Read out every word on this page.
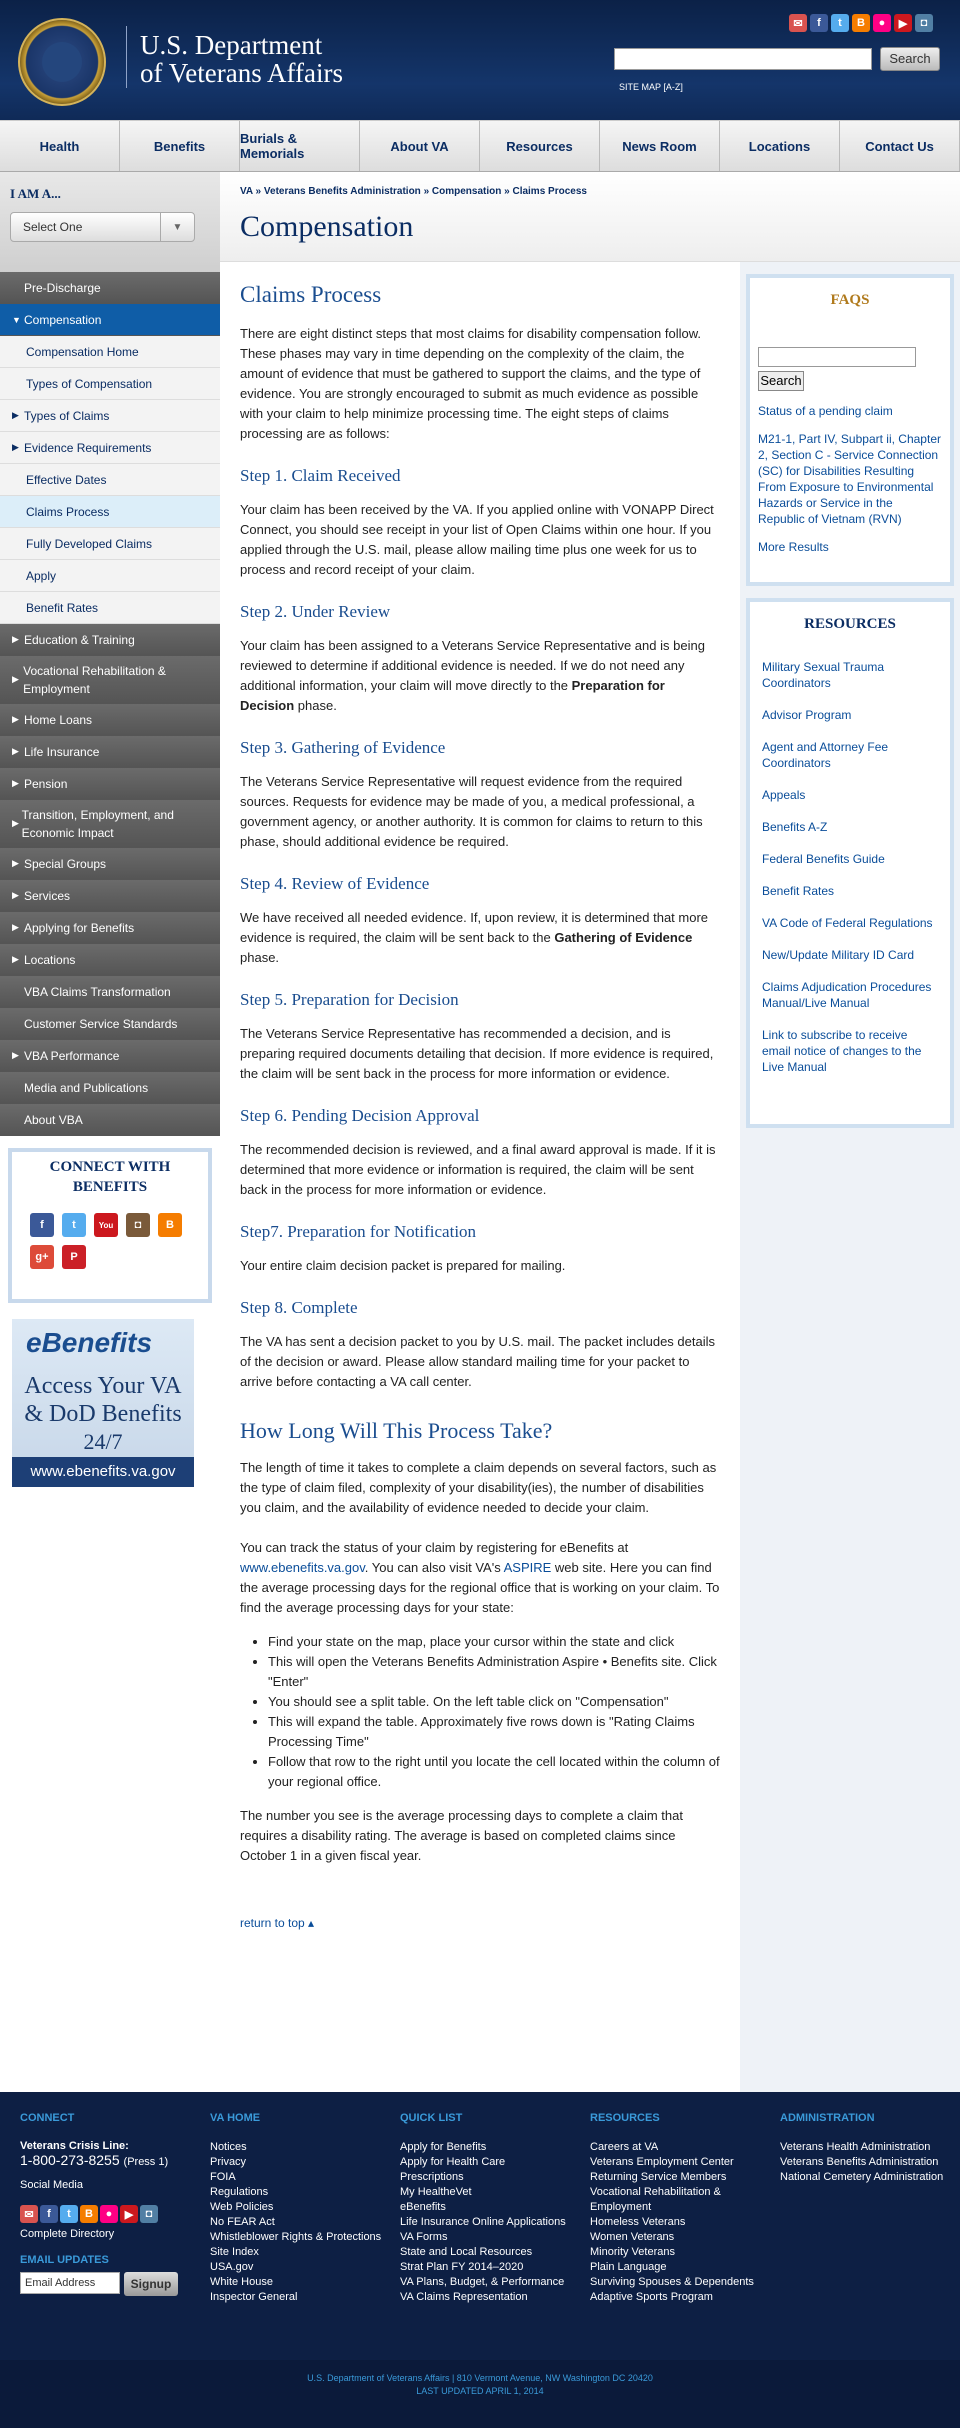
U.S. Department
of Veterans Affairs
✉	f	t	B	●	▶	◘
Search
SITE MAP [A-Z]
Health	Benefits	Burials & Memorials	About VA	Resources	News Room	Locations	Contact Us
I AM A...
Select One	▼
Pre-Discharge
▼ Compensation
Compensation Home
Types of Compensation
▶ Types of Claims
▶ Evidence Requirements
Effective Dates
Claims Process
Fully Developed Claims
Apply
Benefit Rates
▶ Education & Training
▶
Vocational Rehabilitation & Employment
▶ Home Loans
▶ Life Insurance
▶ Pension
▶
Transition, Employment, and Economic Impact
▶ Special Groups
▶ Services
▶ Applying for Benefits
▶ Locations
VBA Claims Transformation
Customer Service Standards
▶ VBA Performance
Media and Publications
About VBA
CONNECT WITH BENEFITS
f	t	You	◘	B
g+	P
eBenefits
Access Your VA
& DoD Benefits
24/7
www.ebenefits.va.gov
VA » Veterans Benefits Administration » Compensation » Claims Process
Compensation
Claims Process

There are eight distinct steps that most claims for disability compensation follow. These phases may vary in time depending on the complexity of the claim, the amount of evidence that must be gathered to support the claims, and the type of evidence. You are strongly encouraged to submit as much evidence as possible with your claim to help minimize processing time. The eight steps of claims processing are as follows:

Step 1. Claim Received

Your claim has been received by the VA. If you applied online with VONAPP Direct Connect, you should see receipt in your list of Open Claims within one hour. If you applied through the U.S. mail, please allow mailing time plus one week for us to process and record receipt of your claim.

Step 2. Under Review

Your claim has been assigned to a Veterans Service Representative and is being reviewed to determine if additional evidence is needed. If we do not need any additional information, your claim will move directly to the Preparation for Decision phase.

Step 3. Gathering of Evidence

The Veterans Service Representative will request evidence from the required sources. Requests for evidence may be made of you, a medical professional, a government agency, or another authority. It is common for claims to return to this phase, should additional evidence be required.

Step 4. Review of Evidence

We have received all needed evidence. If, upon review, it is determined that more evidence is required, the claim will be sent back to the Gathering of Evidence phase.

Step 5. Preparation for Decision

The Veterans Service Representative has recommended a decision, and is preparing required documents detailing that decision. If more evidence is required, the claim will be sent back in the process for more information or evidence.

Step 6. Pending Decision Approval

The recommended decision is reviewed, and a final award approval is made. If it is determined that more evidence or information is required, the claim will be sent back in the process for more information or evidence.

Step7. Preparation for Notification

Your entire claim decision packet is prepared for mailing.

Step 8. Complete

The VA has sent a decision packet to you by U.S. mail. The packet includes details of the decision or award. Please allow standard mailing time for your packet to arrive before contacting a VA call center.

How Long Will This Process Take?

The length of time it takes to complete a claim depends on several factors, such as the type of claim filed, complexity of your disability(ies), the number of disabilities you claim, and the availability of evidence needed to decide your claim.

You can track the status of your claim by registering for eBenefits at www.ebenefits.va.gov. You can also visit VA's ASPIRE web site. Here you can find the average processing days for the regional office that is working on your claim. To find the average processing days for your state:

• Find your state on the map, place your cursor within the state and click
• This will open the Veterans Benefits Administration Aspire • Benefits site. Click "Enter"
• You should see a split table. On the left table click on "Compensation"
• This will expand the table. Approximately five rows down is "Rating Claims Processing Time"
• Follow that row to the right until you locate the cell located within the column of your regional office.

The number you see is the average processing days to complete a claim that requires a disability rating. The average is based on completed claims since October 1 in a given fiscal year.

return to top ▴
FAQS
Search
Status of a pending claim
M21-1, Part IV, Subpart ii, Chapter 2, Section C - Service Connection (SC) for Disabilities Resulting From Exposure to Environmental Hazards or Service in the Republic of Vietnam (RVN)
More Results
RESOURCES
Military Sexual Trauma Coordinators
Advisor Program
Agent and Attorney Fee Coordinators
Appeals
Benefits A-Z
Federal Benefits Guide
Benefit Rates
VA Code of Federal Regulations
New/Update Military ID Card
Claims Adjudication Procedures Manual/Live Manual
Link to subscribe to receive email notice of changes to the Live Manual
CONNECT
Veterans Crisis Line:
1-800-273-8255 (Press 1)
Social Media
✉	f	t	B	●	▶	◘
Complete Directory
EMAIL UPDATES
Email Address	Signup
VA HOME
Notices
Privacy
FOIA
Regulations
Web Policies
No FEAR Act
Whistleblower Rights & Protections
Site Index
USA.gov
White House
Inspector General
QUICK LIST
Apply for Benefits
Apply for Health Care
Prescriptions
My HealtheVet
eBenefits
Life Insurance Online Applications
VA Forms
State and Local Resources
Strat Plan FY 2014–2020
VA Plans, Budget, & Performance
VA Claims Representation
RESOURCES
Careers at VA
Veterans Employment Center
Returning Service Members
Vocational Rehabilitation & Employment
Homeless Veterans
Women Veterans
Minority Veterans
Plain Language
Surviving Spouses & Dependents
Adaptive Sports Program
ADMINISTRATION
Veterans Health Administration
Veterans Benefits Administration
National Cemetery Administration
U.S. Department of Veterans Affairs | 810 Vermont Avenue, NW Washington DC 20420
LAST UPDATED APRIL 1, 2014
